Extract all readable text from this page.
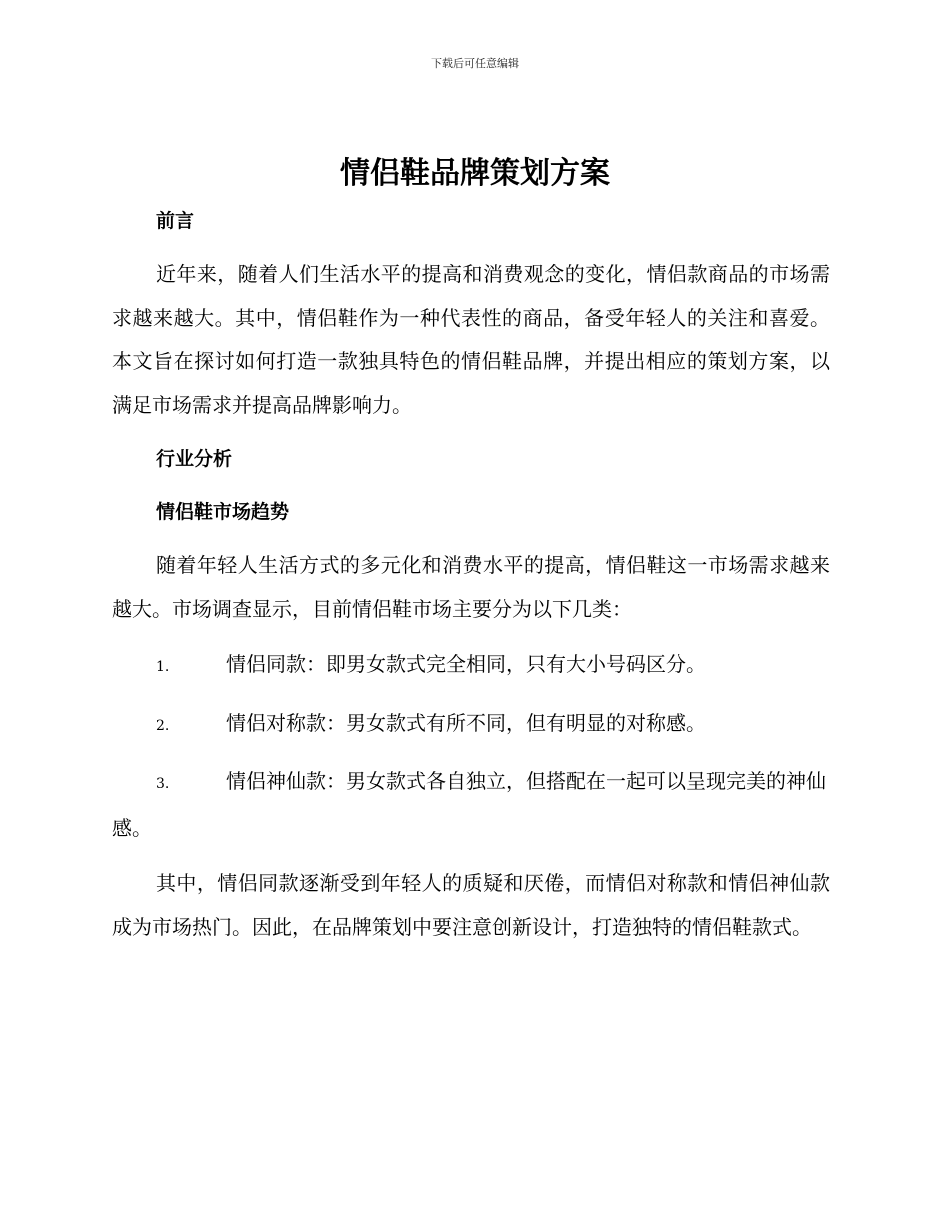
下载后可任意编辑
情侣鞋品牌策划方案
前言

近年来，随着人们生活水平的提高和消费观念的变化，情侣款商品的市场需求越来越大。其中，情侣鞋作为一种代表性的商品，备受年轻人的关注和喜爱。本文旨在探讨如何打造一款独具特色的情侣鞋品牌，并提出相应的策划方案，以满足市场需求并提高品牌影响力。

行业分析
情侣鞋市场趋势

随着年轻人生活方式的多元化和消费水平的提高，情侣鞋这一市场需求越来越大。市场调查显示，目前情侣鞋市场主要分为以下几类：

1.	情侣同款：即男女款式完全相同，只有大小号码区分。

2.	情侣对称款：男女款式有所不同，但有明显的对称感。

3.	情侣神仙款：男女款式各自独立，但搭配在一起可以呈现完美的神仙感。

其中，情侣同款逐渐受到年轻人的质疑和厌倦，而情侣对称款和情侣神仙款成为市场热门。因此，在品牌策划中要注意创新设计，打造独特的情侣鞋款式。
